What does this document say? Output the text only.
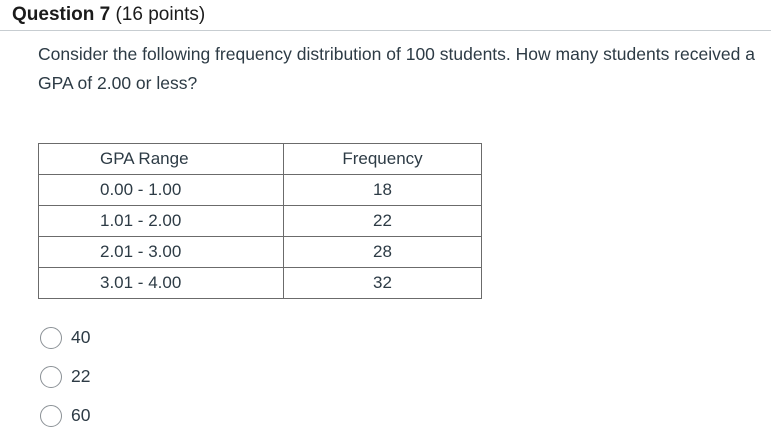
Question 7 (16 points)
Consider the following frequency distribution of 100 students. How many students received a GPA of 2.00 or less?
GPA Range	Frequency
0.00 - 1.00	18
1.01 - 2.00	22
2.01 - 3.00	28
3.01 - 4.00	32
40
22
60
